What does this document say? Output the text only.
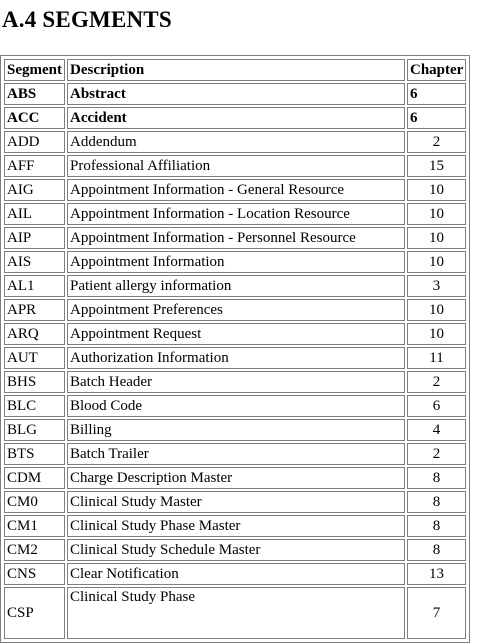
A.4 SEGMENTS
Segment	Description	Chapter
ABS	Abstract	6
ACC	Accident	6
ADD	Addendum	2
AFF	Professional Affiliation	15
AIG	Appointment Information - General Resource	10
AIL	Appointment Information - Location Resource	10
AIP	Appointment Information - Personnel Resource	10
AIS	Appointment Information	10
AL1	Patient allergy information	3
APR	Appointment Preferences	10
ARQ	Appointment Request	10
AUT	Authorization Information	11
BHS	Batch Header	2
BLC	Blood Code	6
BLG	Billing	4
BTS	Batch Trailer	2
CDM	Charge Description Master	8
CM0	Clinical Study Master	8
CM1	Clinical Study Phase Master	8
CM2	Clinical Study Schedule Master	8
CNS	Clear Notification	13
CSP	Clinical Study Phase	7
